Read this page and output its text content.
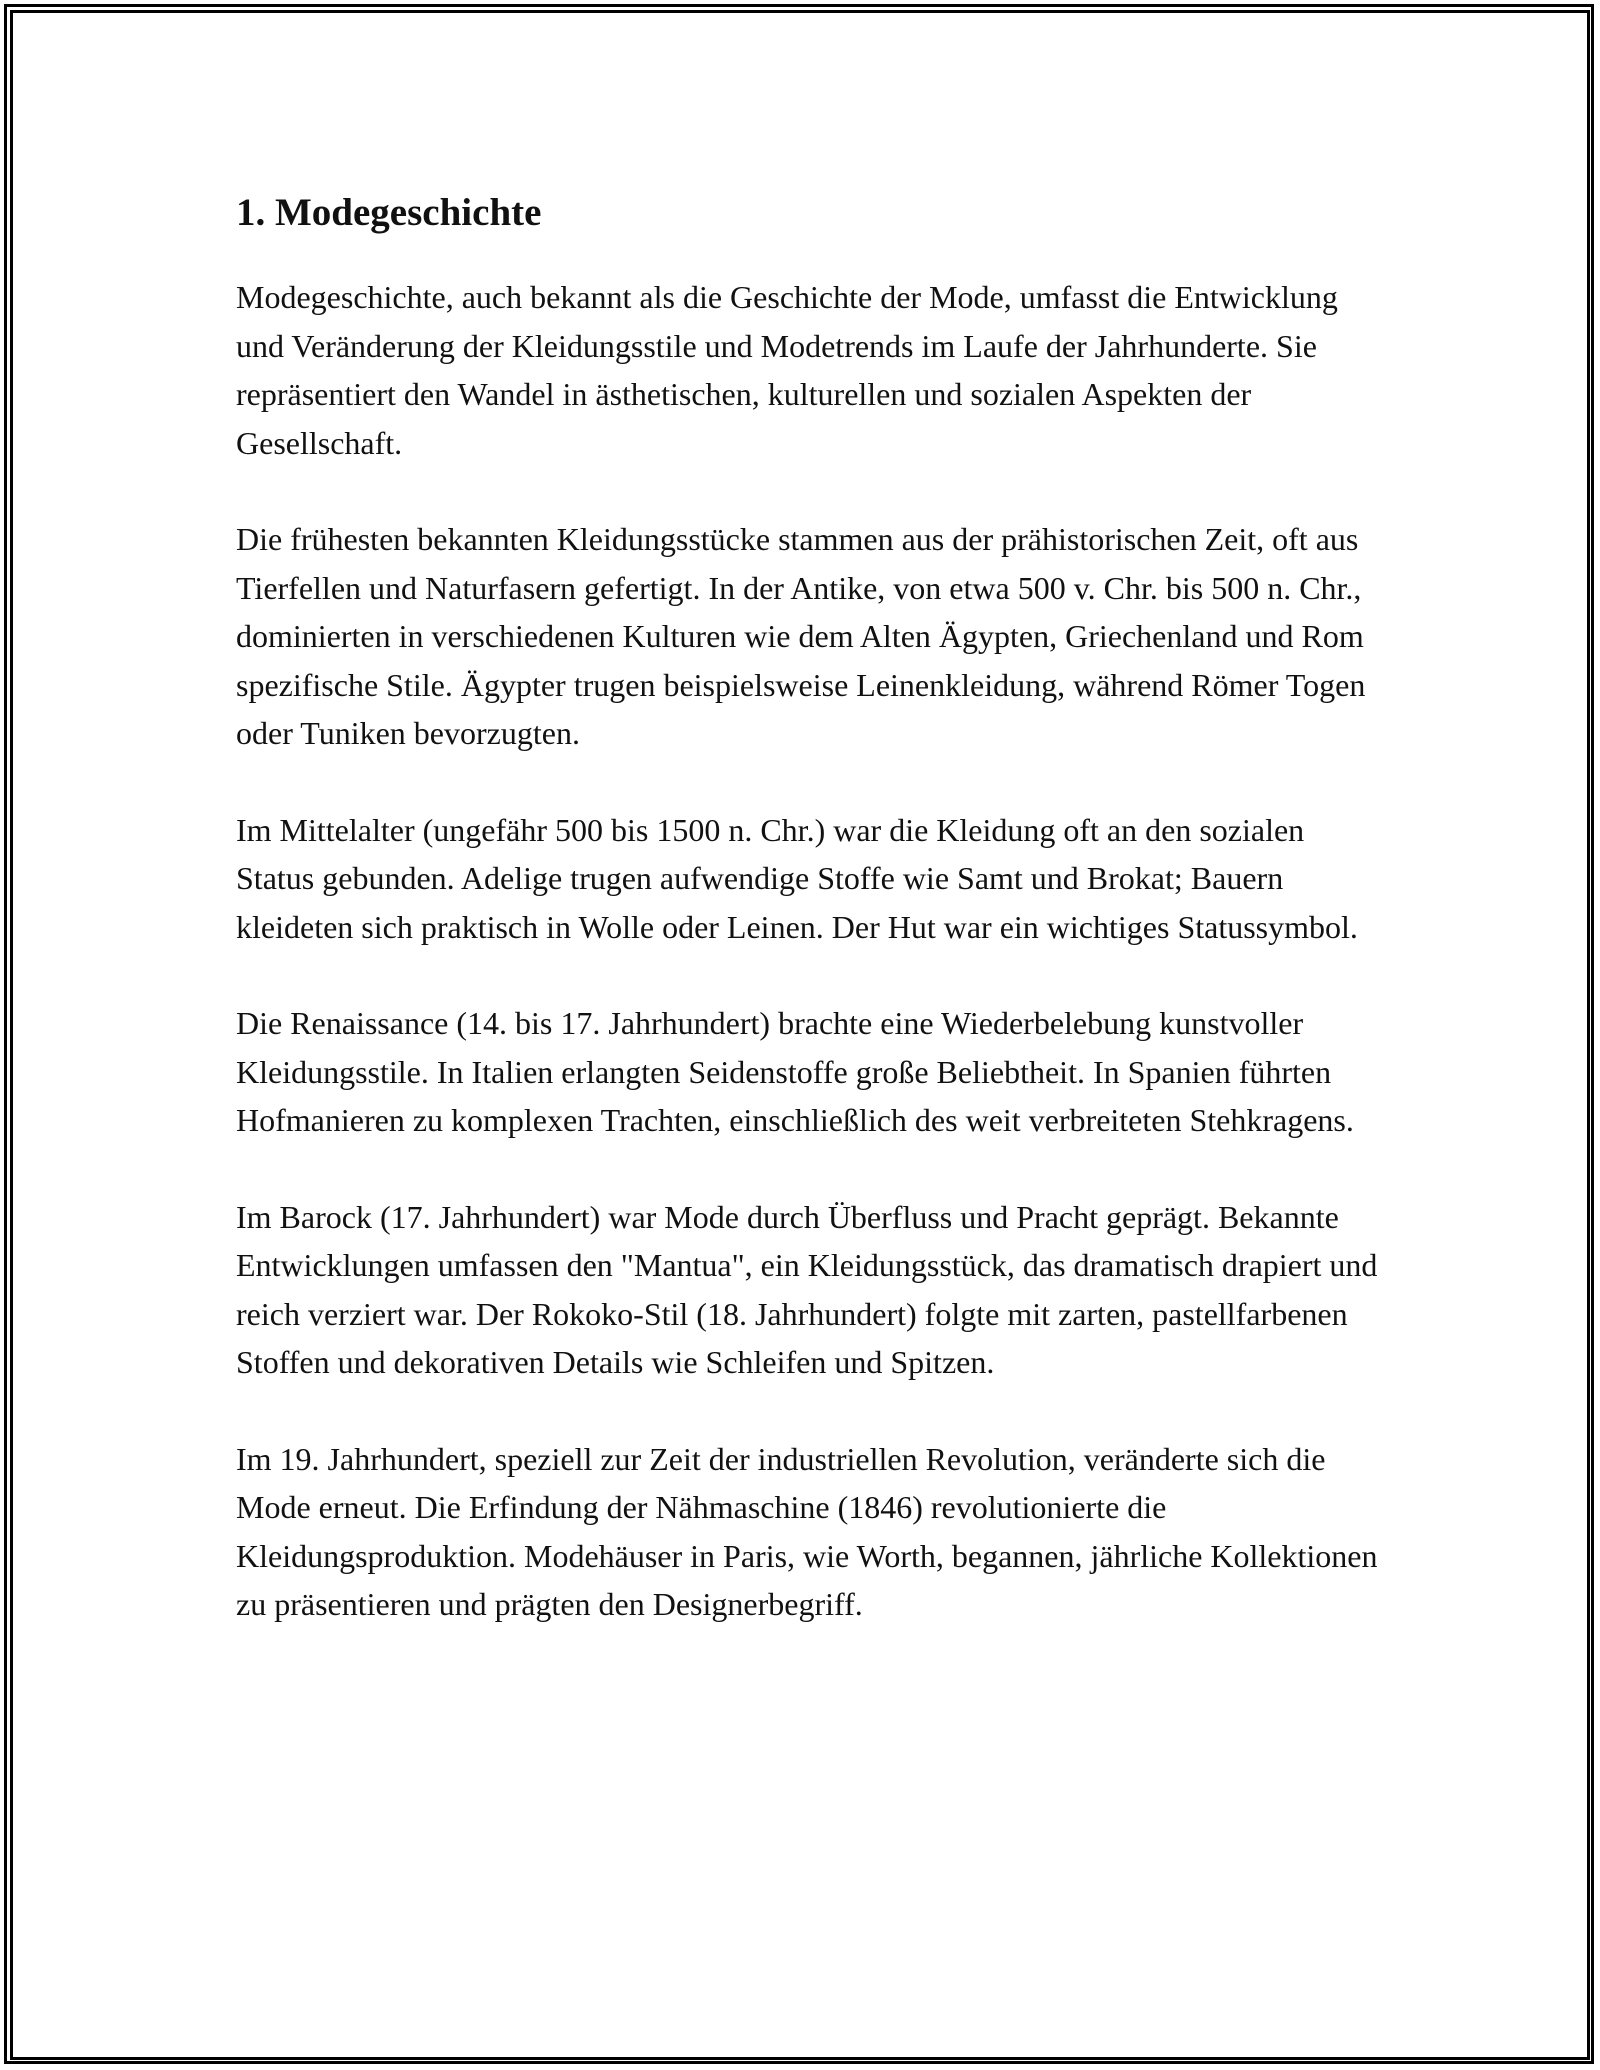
1. Modegeschichte

Modegeschichte, auch bekannt als die Geschichte der Mode, umfasst die Entwicklung und Veränderung der Kleidungsstile und Modetrends im Laufe der Jahrhunderte. Sie repräsentiert den Wandel in ästhetischen, kulturellen und sozialen Aspekten der Gesellschaft.

Die frühesten bekannten Kleidungsstücke stammen aus der prähistorischen Zeit, oft aus Tierfellen und Naturfasern gefertigt. In der Antike, von etwa 500 v. Chr. bis 500 n. Chr., dominierten in verschiedenen Kulturen wie dem Alten Ägypten, Griechenland und Rom spezifische Stile. Ägypter trugen beispielsweise Leinenkleidung, während Römer Togen oder Tuniken bevorzugten.

Im Mittelalter (ungefähr 500 bis 1500 n. Chr.) war die Kleidung oft an den sozialen Status gebunden. Adelige trugen aufwendige Stoffe wie Samt und Brokat; Bauern kleideten sich praktisch in Wolle oder Leinen. Der Hut war ein wichtiges Statussymbol.

Die Renaissance (14. bis 17. Jahrhundert) brachte eine Wiederbelebung kunstvoller Kleidungsstile. In Italien erlangten Seidenstoffe große Beliebtheit. In Spanien führten Hofmanieren zu komplexen Trachten, einschließlich des weit verbreiteten Stehkragens.

Im Barock (17. Jahrhundert) war Mode durch Überfluss und Pracht geprägt. Bekannte Entwicklungen umfassen den "Mantua", ein Kleidungsstück, das dramatisch drapiert und reich verziert war. Der Rokoko-Stil (18. Jahrhundert) folgte mit zarten, pastellfarbenen Stoffen und dekorativen Details wie Schleifen und Spitzen.

Im 19. Jahrhundert, speziell zur Zeit der industriellen Revolution, veränderte sich die Mode erneut. Die Erfindung der Nähmaschine (1846) revolutionierte die Kleidungsproduktion. Modehäuser in Paris, wie Worth, begannen, jährliche Kollektionen zu präsentieren und prägten den Designerbegriff.
